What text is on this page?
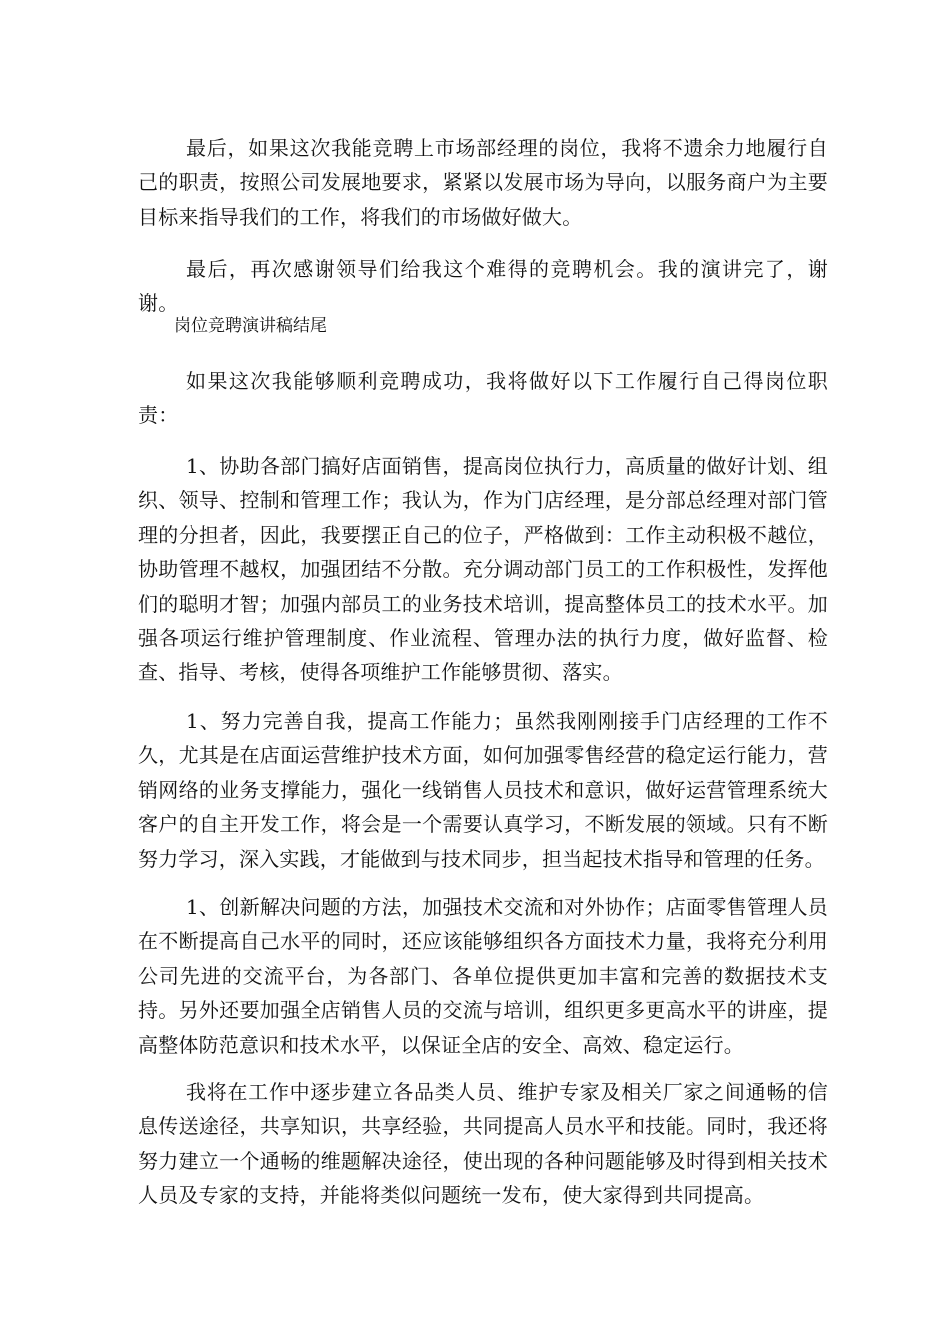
最后，如果这次我能竞聘上市场部经理的岗位，我将不遗余力地履行自己的职责，按照公司发展地要求，紧紧以发展市场为导向，以服务商户为主要目标来指导我们的工作，将我们的市场做好做大。

最后，再次感谢领导们给我这个难得的竞聘机会。我的演讲完了，谢谢。

岗位竞聘演讲稿结尾

如果这次我能够顺利竞聘成功，我将做好以下工作履行自己得岗位职责：

1、协助各部门搞好店面销售，提高岗位执行力，高质量的做好计划、组织、领导、控制和管理工作；我认为，作为门店经理，是分部总经理对部门管理的分担者，因此，我要摆正自己的位子，严格做到：工作主动积极不越位，协助管理不越权，加强团结不分散。充分调动部门员工的工作积极性，发挥他们的聪明才智；加强内部员工的业务技术培训，提高整体员工的技术水平。加强各项运行维护管理制度、作业流程、管理办法的执行力度，做好监督、检查、指导、考核，使得各项维护工作能够贯彻、落实。

1、努力完善自我，提高工作能力；虽然我刚刚接手门店经理的工作不久，尤其是在店面运营维护技术方面，如何加强零售经营的稳定运行能力，营销网络的业务支撑能力，强化一线销售人员技术和意识，做好运营管理系统大客户的自主开发工作，将会是一个需要认真学习，不断发展的领域。只有不断努力学习，深入实践，才能做到与技术同步，担当起技术指导和管理的任务。

1、创新解决问题的方法，加强技术交流和对外协作；店面零售管理人员在不断提高自己水平的同时，还应该能够组织各方面技术力量，我将充分利用公司先进的交流平台，为各部门、各单位提供更加丰富和完善的数据技术支持。另外还要加强全店销售人员的交流与培训，组织更多更高水平的讲座，提高整体防范意识和技术水平，以保证全店的安全、高效、稳定运行。

我将在工作中逐步建立各品类人员、维护专家及相关厂家之间通畅的信息传送途径，共享知识，共享经验，共同提高人员水平和技能。同时，我还将努力建立一个通畅的维题解决途径，使出现的各种问题能够及时得到相关技术人员及专家的支持，并能将类似问题统一发布，使大家得到共同提高。
